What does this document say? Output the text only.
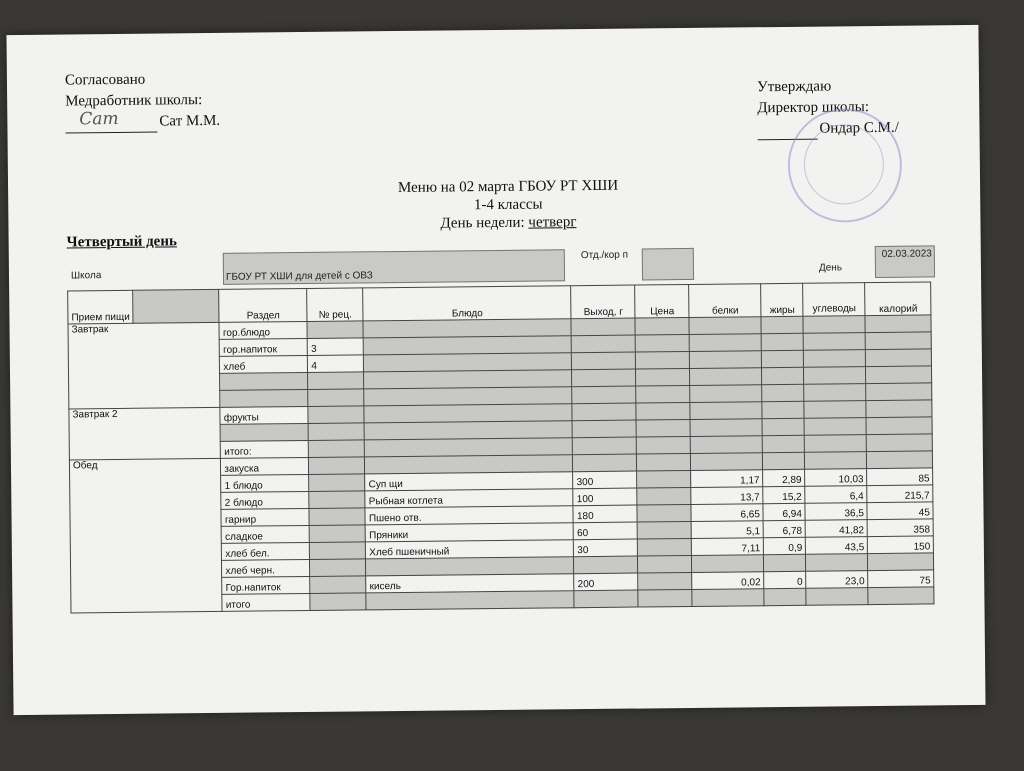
Согласовано
Медработник школы:
Сат	Сат М.М.
Утверждаю
Директор школы:
Ондар С.М./
Меню на 02 марта ГБОУ РТ ХШИ
1-4 классы
День недели: четверг
Четвертый день
Школа	ГБОУ РТ ХШИ для детей с ОВЗ
Отд./кор п
День
02.03.2023
Прием пищи		Раздел	№ рец.	Блюдо	Выход, г	Цена	белки	жиры	углеводы	калорий
Завтрак		гор.блюдо								
		гор.напиток	3							
		хлеб	4							

Завтрак 2		фрукты								

		итого:								
Обед		закуска								
		1 блюдо		Суп щи	300		1,17	2,89	10,03	85
		2 блюдо		Рыбная котлета	100		13,7	15,2	6,4	215,7
		гарнир		Пшено отв.	180		6,65	6,94	36,5	45
		сладкое		Пряники	60		5,1	6,78	41,82	358
		хлеб бел.		Хлеб пшеничный	30		7,11	0,9	43,5	150
		хлеб черн.								
		Гор.напиток		кисель	200		0,02	0	23,0	75
		итого								
